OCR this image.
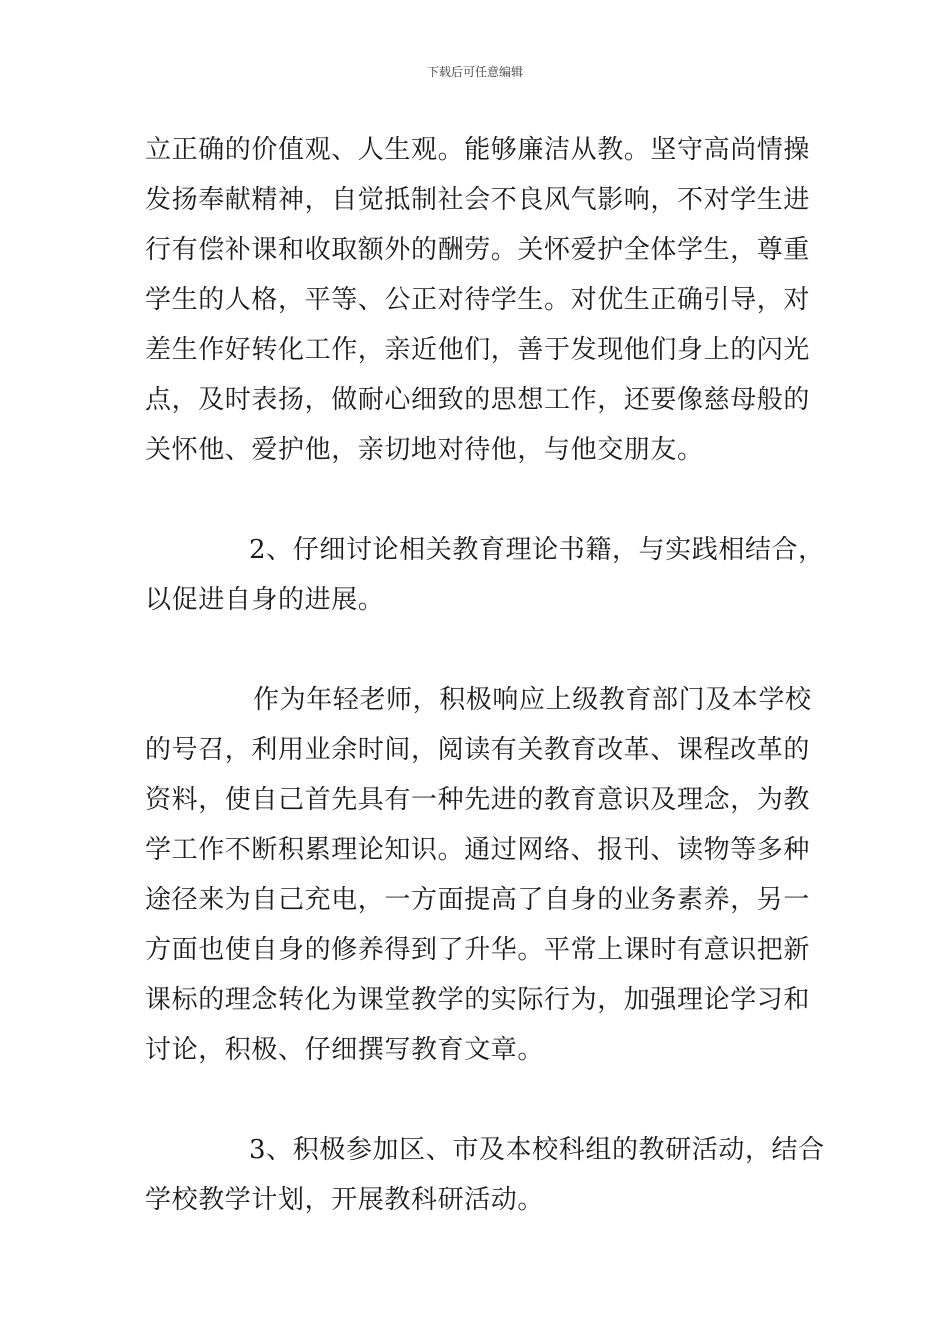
下载后可任意编辑
立正确的价值观、人生观。能够廉洁从教。坚守高尚情操
发扬奉献精神，自觉抵制社会不良风气影响，不对学生进
行有偿补课和收取额外的酬劳。关怀爱护全体学生，尊重
学生的人格，平等、公正对待学生。对优生正确引导，对
差生作好转化工作，亲近他们，善于发现他们身上的闪光
点，及时表扬，做耐心细致的思想工作，还要像慈母般的
关怀他、爱护他，亲切地对待他，与他交朋友。
2、仔细讨论相关教育理论书籍，与实践相结合，
以促进自身的进展。
作为年轻老师，积极响应上级教育部门及本学校
的号召，利用业余时间，阅读有关教育改革、课程改革的
资料，使自己首先具有一种先进的教育意识及理念，为教
学工作不断积累理论知识。通过网络、报刊、读物等多种
途径来为自己充电，一方面提高了自身的业务素养，另一
方面也使自身的修养得到了升华。平常上课时有意识把新
课标的理念转化为课堂教学的实际行为，加强理论学习和
讨论，积极、仔细撰写教育文章。
3、积极参加区、市及本校科组的教研活动，结合
学校教学计划，开展教科研活动。
